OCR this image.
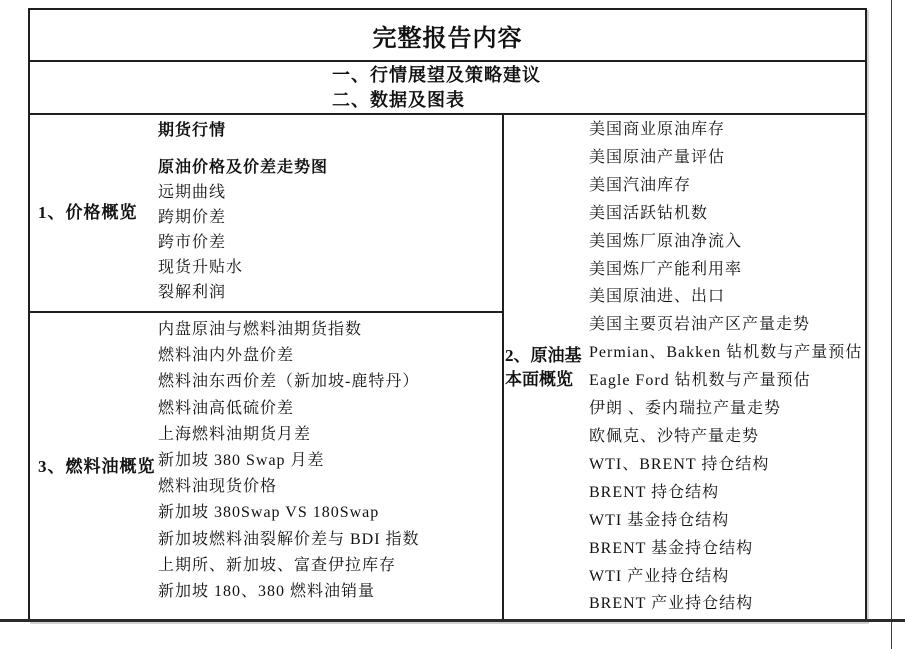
完整报告内容
一、行情展望及策略建议
二、数据及图表
1、价格概览
期货行情
原油价格及价差走势图
远期曲线
跨期价差
跨市价差
现货升贴水
裂解利润
3、燃料油概览
内盘原油与燃料油期货指数
燃料油内外盘价差
燃料油东西价差（新加坡-鹿特丹）
燃料油高低硫价差
上海燃料油期货月差
新加坡 380 Swap 月差
燃料油现货价格
新加坡 380Swap VS 180Swap
新加坡燃料油裂解价差与 BDI 指数
上期所、新加坡、富查伊拉库存
新加坡 180、380 燃料油销量
2、原油基本面概览
美国商业原油库存
美国原油产量评估
美国汽油库存
美国活跃钻机数
美国炼厂原油净流入
美国炼厂产能利用率
美国原油进、出口
美国主要页岩油产区产量走势
Permian、Bakken 钻机数与产量预估
Eagle Ford 钻机数与产量预估
伊朗 、委内瑞拉产量走势
欧佩克、沙特产量走势
WTI、BRENT 持仓结构
BRENT 持仓结构
WTI 基金持仓结构
BRENT 基金持仓结构
WTI 产业持仓结构
BRENT 产业持仓结构
